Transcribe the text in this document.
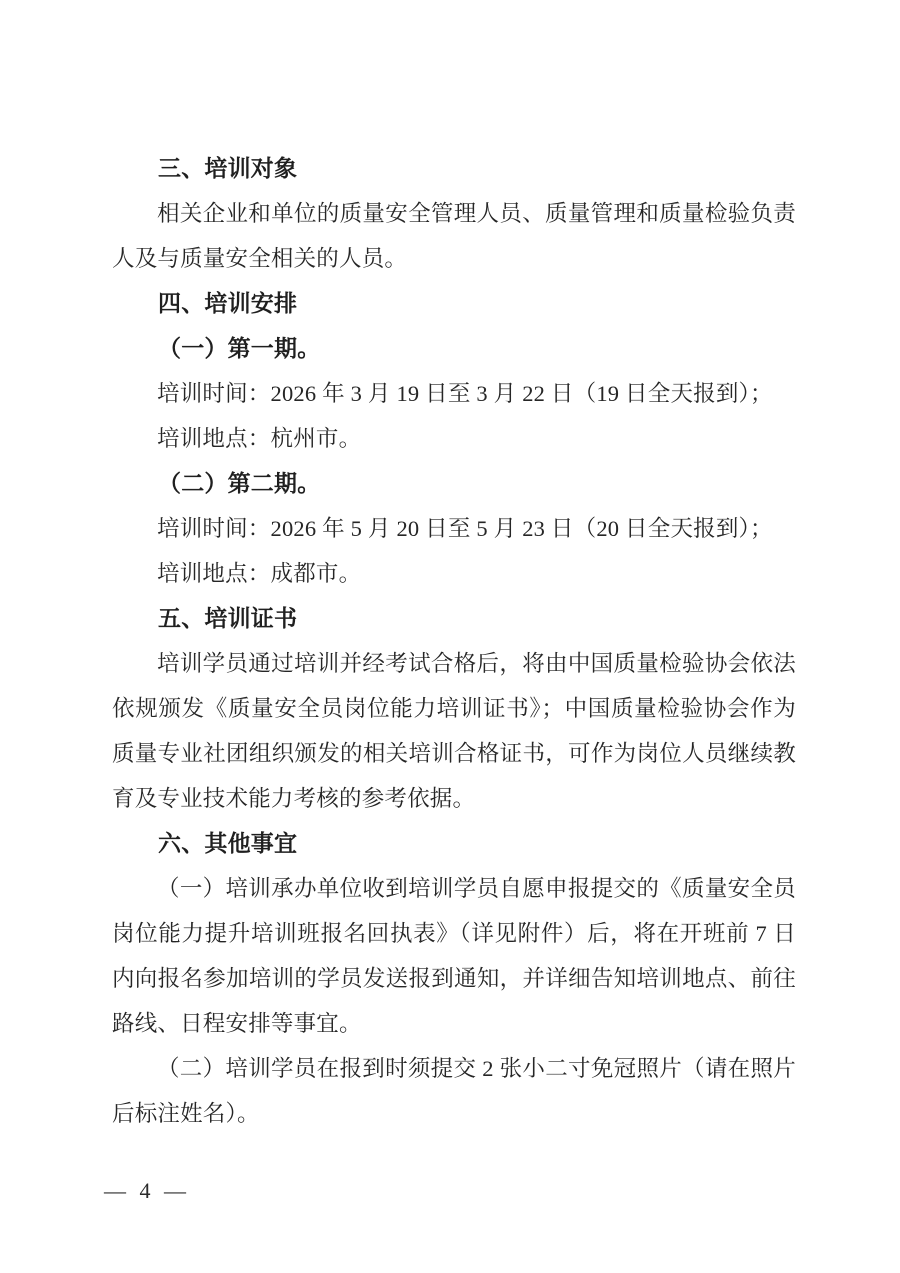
三、培训对象

相关企业和单位的质量安全管理人员、质量管理和质量检验负责人及与质量安全相关的人员。

四、培训安排

（一）第一期。

培训时间：2026 年 3 月 19 日至 3 月 22 日（19 日全天报到）；

培训地点：杭州市。

（二）第二期。

培训时间：2026 年 5 月 20 日至 5 月 23 日（20 日全天报到）；

培训地点：成都市。

五、培训证书

培训学员通过培训并经考试合格后，将由中国质量检验协会依法依规颁发《质量安全员岗位能力培训证书》；中国质量检验协会作为质量专业社团组织颁发的相关培训合格证书，可作为岗位人员继续教育及专业技术能力考核的参考依据。

六、其他事宜

（一）培训承办单位收到培训学员自愿申报提交的《质量安全员岗位能力提升培训班报名回执表》（详见附件）后，将在开班前 7 日内向报名参加培训的学员发送报到通知，并详细告知培训地点、前往路线、日程安排等事宜。

（二）培训学员在报到时须提交 2 张小二寸免冠照片（请在照片后标注姓名）。

— 4 —
